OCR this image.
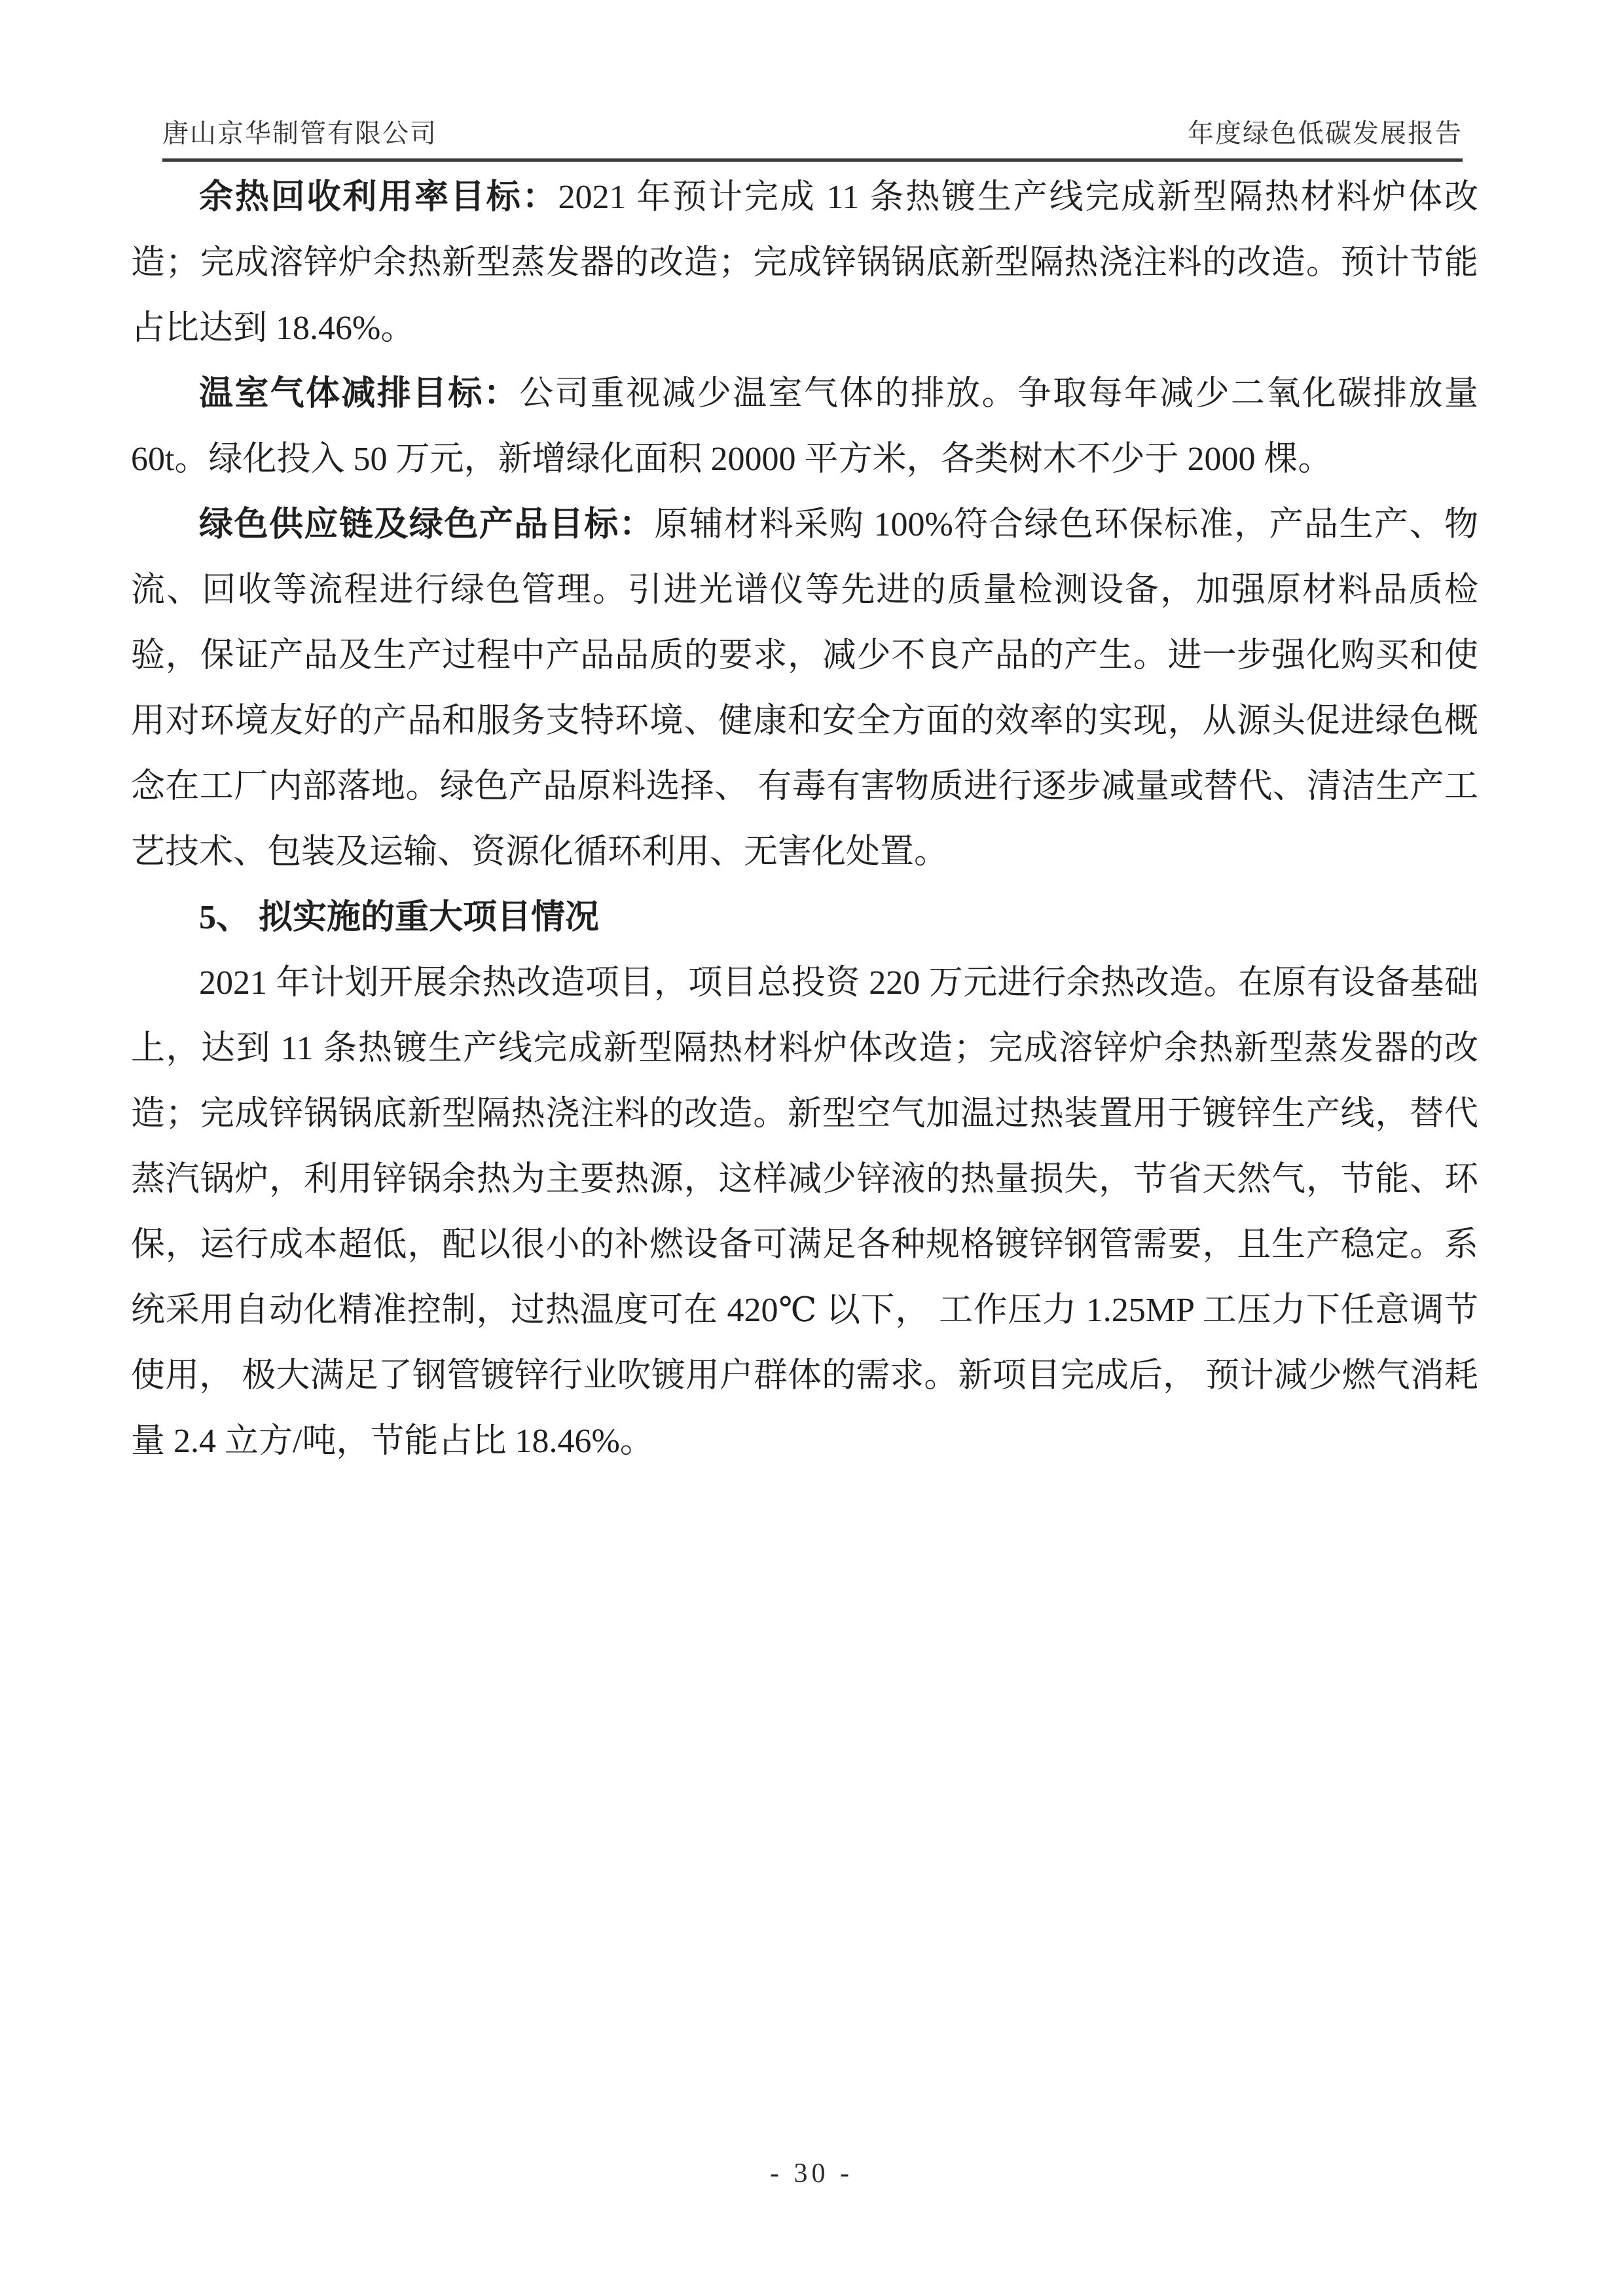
唐山京华制管有限公司	年度绿色低碳发展报告

余热回收利用率目标：2021 年预计完成 11 条热镀生产线完成新型隔热材料炉体改造；完成溶锌炉余热新型蒸发器的改造；完成锌锅锅底新型隔热浇注料的改造。预计节能占比达到 18.46%。

温室气体减排目标：公司重视减少温室气体的排放。争取每年减少二氧化碳排放量 60t。绿化投入 50 万元，新增绿化面积 20000 平方米，各类树木不少于 2000 棵。

绿色供应链及绿色产品目标：原辅材料采购 100%符合绿色环保标准，产品生产、物流、回收等流程进行绿色管理。引进光谱仪等先进的质量检测设备，加强原材料品质检验，保证产品及生产过程中产品品质的要求，减少不良产品的产生。进一步强化购买和使用对环境友好的产品和服务支特环境、健康和安全方面的效率的实现，从源头促进绿色概念在工厂内部落地。绿色产品原料选择、 有毒有害物质进行逐步减量或替代、清洁生产工艺技术、包装及运输、资源化循环利用、无害化处置。

5、 拟实施的重大项目情况

2021 年计划开展余热改造项目，项目总投资 220 万元进行余热改造。在原有设备基础上，达到 11 条热镀生产线完成新型隔热材料炉体改造；完成溶锌炉余热新型蒸发器的改造；完成锌锅锅底新型隔热浇注料的改造。新型空气加温过热装置用于镀锌生产线，替代蒸汽锅炉，利用锌锅余热为主要热源，这样减少锌液的热量损失，节省天然气，节能、环保，运行成本超低，配以很小的补燃设备可满足各种规格镀锌钢管需要，且生产稳定。系统采用自动化精准控制，过热温度可在 420℃ 以下， 工作压力 1.25MP 工压力下任意调节使用， 极大满足了钢管镀锌行业吹镀用户群体的需求。新项目完成后， 预计减少燃气消耗量 2.4 立方/吨，节能占比 18.46%。

- 30 -
